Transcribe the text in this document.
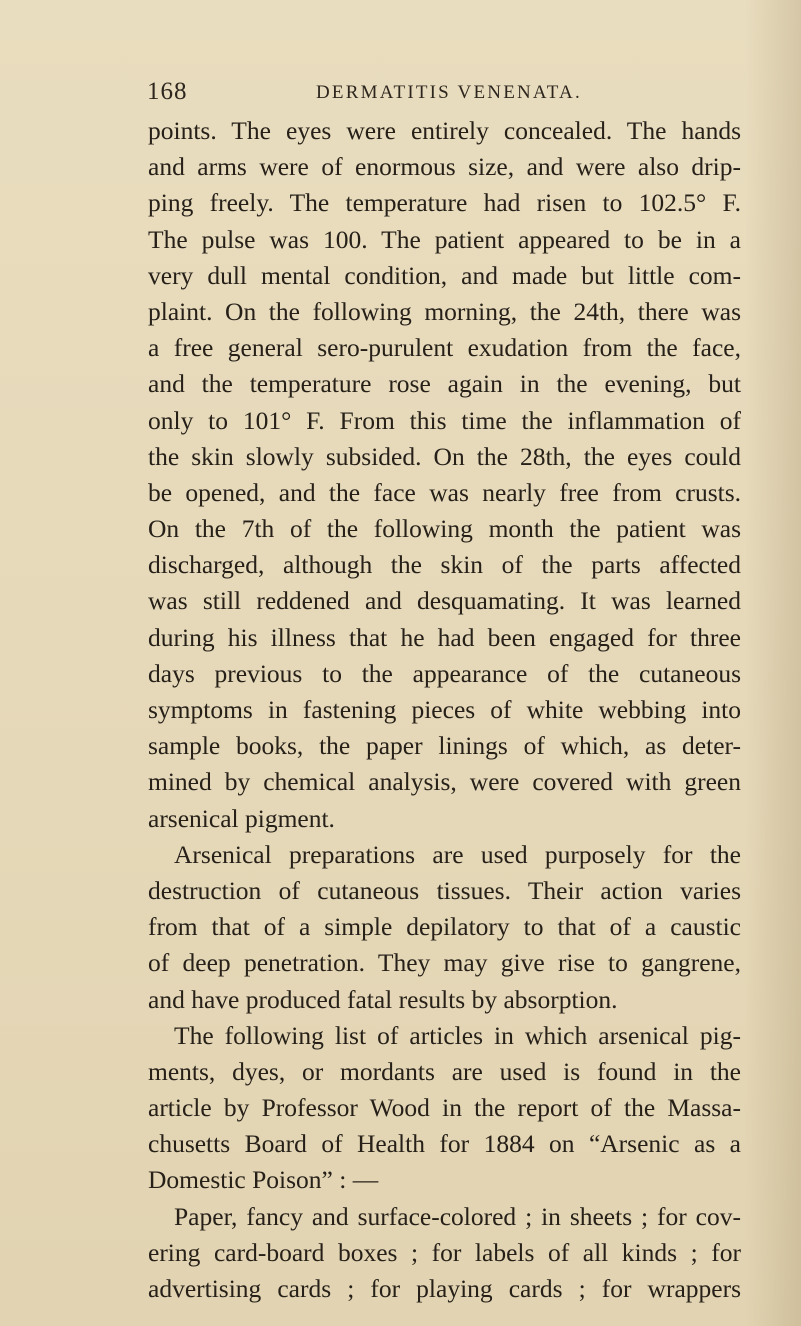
168	DERMATITIS VENENATA.
points. The eyes were entirely concealed. The hands
and arms were of enormous size, and were also drip-
ping freely. The temperature had risen to 102.5° F.
The pulse was 100. The patient appeared to be in a
very dull mental condition, and made but little com-
plaint. On the following morning, the 24th, there was
a free general sero-purulent exudation from the face,
and the temperature rose again in the evening, but
only to 101° F. From this time the inflammation of
the skin slowly subsided. On the 28th, the eyes could
be opened, and the face was nearly free from crusts.
On the 7th of the following month the patient was
discharged, although the skin of the parts affected
was still reddened and desquamating. It was learned
during his illness that he had been engaged for three
days previous to the appearance of the cutaneous
symptoms in fastening pieces of white webbing into
sample books, the paper linings of which, as deter-
mined by chemical analysis, were covered with green
arsenical pigment.
Arsenical preparations are used purposely for the
destruction of cutaneous tissues. Their action varies
from that of a simple depilatory to that of a caustic
of deep penetration. They may give rise to gangrene,
and have produced fatal results by absorption.
The following list of articles in which arsenical pig-
ments, dyes, or mordants are used is found in the
article by Professor Wood in the report of the Massa-
chusetts Board of Health for 1884 on “Arsenic as a
Domestic Poison” : —
Paper, fancy and surface-colored ; in sheets ; for cov-
ering card-board boxes ; for labels of all kinds ; for
advertising cards ; for playing cards ; for wrappers
